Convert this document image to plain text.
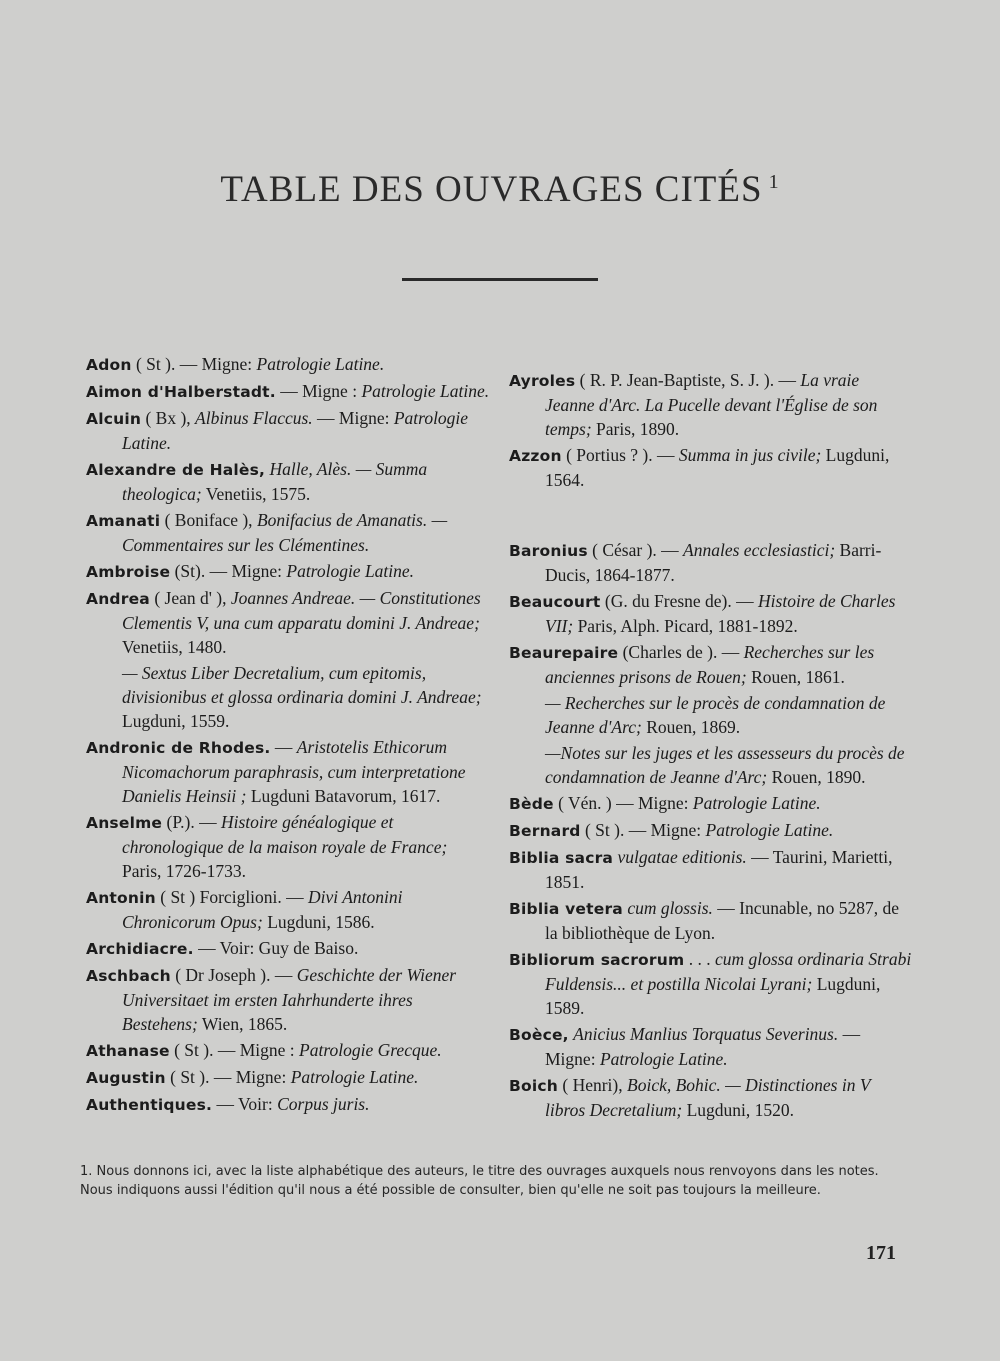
TABLE DES OUVRAGES CITÉS $^1$
Adon ( St ). — Migne: Patrologie Latine.
Aimon d'Halberstadt. — Migne : Patrologie Latine.
Alcuin ( Bx ), Albinus Flaccus. — Migne: Patrologie Latine.
Alexandre de Halès, Halle, Alès. — Summa theologica; Venetiis, 1575.
Amanati ( Boniface ), Bonifacius de Amanatis. — Commentaires sur les Clémentines.
Ambroise (St). — Migne: Patrologie Latine.
Andrea ( Jean d' ), Joannes Andreae. — Constitutiones Clementis V, una cum apparatu domini J. Andreae; Venetiis, 1480.
— Sextus Liber Decretalium, cum epitomis, divisionibus et glossa ordinaria domini J. Andreae; Lugduni, 1559.
Andronic de Rhodes. — Aristotelis Ethicorum Nicomachorum paraphrasis, cum interpretatione Danielis Heinsii ; Lugduni Batavorum, 1617.
Anselme (P.). — Histoire généalogique et chronologique de la maison royale de France; Paris, 1726-1733.
Antonin ( St ) Forciglioni. — Divi Antonini Chronicorum Opus; Lugduni, 1586.
Archidiacre. — Voir: Guy de Baiso.
Aschbach ( Dr Joseph ). — Geschichte der Wiener Universitaet im ersten Iahrhunderte ihres Bestehens; Wien, 1865.
Athanase ( St ). — Migne : Patrologie Grecque.
Augustin ( St ). — Migne: Patrologie Latine.
Authentiques. — Voir: Corpus juris.
Ayroles ( R. P. Jean-Baptiste, S. J. ). — La vraie Jeanne d'Arc. La Pucelle devant l'Église de son temps; Paris, 1890.
Azzon ( Portius ? ). — Summa in jus civile; Lugduni, 1564.
Baronius ( César ). — Annales ecclesiastici; Barri-Ducis, 1864-1877.
Beaucourt (G. du Fresne de). — Histoire de Charles VII; Paris, Alph. Picard, 1881-1892.
Beaurepaire (Charles de ). — Recherches sur les anciennes prisons de Rouen; Rouen, 1861.
— Recherches sur le procès de condamnation de Jeanne d'Arc; Rouen, 1869.
—Notes sur les juges et les assesseurs du procès de condamnation de Jeanne d'Arc; Rouen, 1890.
Bède ( Vén. ) — Migne: Patrologie Latine.
Bernard ( St ). — Migne: Patrologie Latine.
Biblia sacra vulgatae editionis. — Taurini, Marietti, 1851.
Biblia vetera cum glossis. — Incunable, no 5287, de la bibliothèque de Lyon.
Bibliorum sacrorum . . . cum glossa ordinaria Strabi Fuldensis... et postilla Nicolai Lyrani; Lugduni, 1589.
Boèce, Anicius Manlius Torquatus Severinus. — Migne: Patrologie Latine.
Boich ( Henri), Boick, Bohic. — Distinctiones in V libros Decretalium; Lugduni, 1520.
1. Nous donnons ici, avec la liste alphabétique des auteurs, le titre des ouvrages auxquels nous renvoyons dans les notes. Nous indiquons aussi l'édition qu'il nous a été possible de consulter, bien qu'elle ne soit pas toujours la meilleure.
171
